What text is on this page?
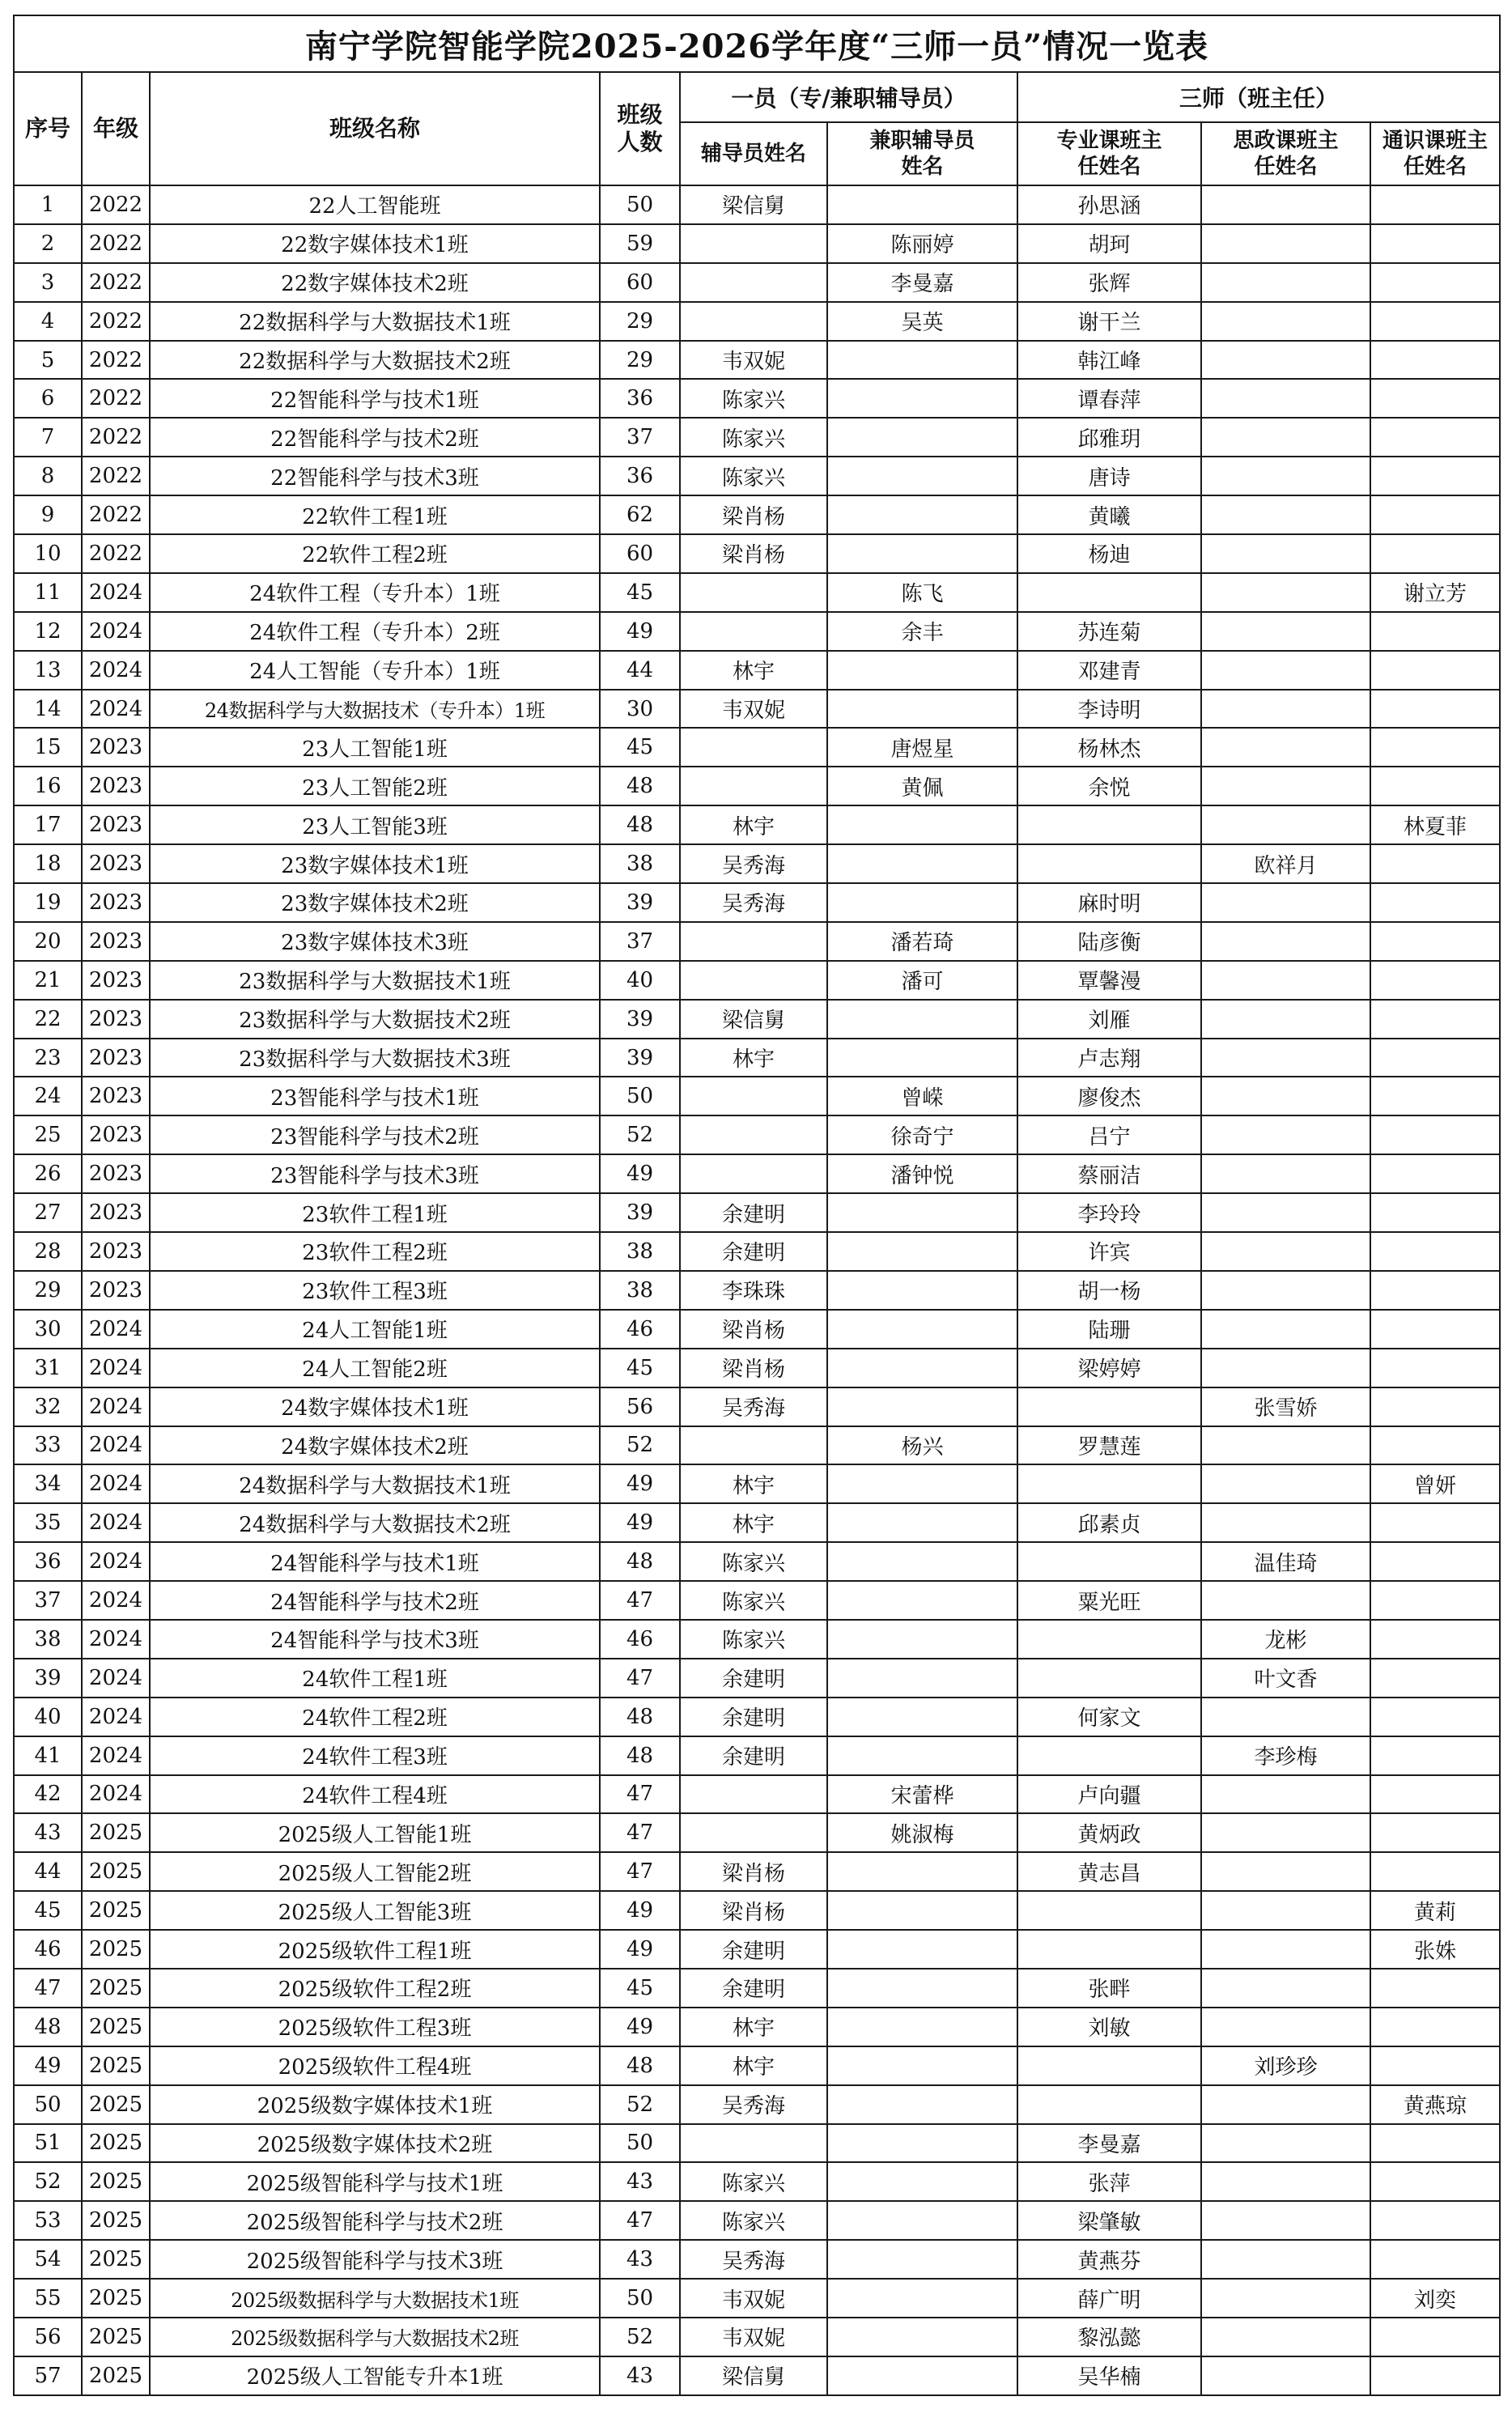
南宁学院智能学院2025-2026学年度“三师一员”情况一览表								
序号	年级	班级名称	班级人数	一员（专/兼职辅导员）		三师（班主任）		
				辅导员姓名	兼职辅导员姓名	专业课班主任姓名	思政课班主任姓名	通识课班主任姓名
1	2022	22人工智能班	50	梁信舅		孙思涵		
2	2022	22数字媒体技术1班	59		陈丽婷	胡珂		
3	2022	22数字媒体技术2班	60		李曼嘉	张辉		
4	2022	22数据科学与大数据技术1班	29		吴英	谢干兰		
5	2022	22数据科学与大数据技术2班	29	韦双妮		韩江峰		
6	2022	22智能科学与技术1班	36	陈家兴		谭春萍		
7	2022	22智能科学与技术2班	37	陈家兴		邱雅玥		
8	2022	22智能科学与技术3班	36	陈家兴		唐诗		
9	2022	22软件工程1班	62	梁肖杨		黄曦		
10	2022	22软件工程2班	60	梁肖杨		杨迪		
11	2024	24软件工程（专升本）1班	45		陈飞			谢立芳
12	2024	24软件工程（专升本）2班	49		余丰	苏连菊		
13	2024	24人工智能（专升本）1班	44	林宇		邓建青		
14	2024	24数据科学与大数据技术（专升本）1班	30	韦双妮		李诗明		
15	2023	23人工智能1班	45		唐煜星	杨林杰		
16	2023	23人工智能2班	48		黄佩	余悦		
17	2023	23人工智能3班	48	林宇				林夏菲
18	2023	23数字媒体技术1班	38	吴秀海			欧祥月	
19	2023	23数字媒体技术2班	39	吴秀海		麻时明		
20	2023	23数字媒体技术3班	37		潘若琦	陆彦衡		
21	2023	23数据科学与大数据技术1班	40		潘可	覃馨漫		
22	2023	23数据科学与大数据技术2班	39	梁信舅		刘雁		
23	2023	23数据科学与大数据技术3班	39	林宇		卢志翔		
24	2023	23智能科学与技术1班	50		曾嵘	廖俊杰		
25	2023	23智能科学与技术2班	52		徐奇宁	吕宁		
26	2023	23智能科学与技术3班	49		潘钟悦	蔡丽洁		
27	2023	23软件工程1班	39	余建明		李玲玲		
28	2023	23软件工程2班	38	余建明		许宾		
29	2023	23软件工程3班	38	李珠珠		胡一杨		
30	2024	24人工智能1班	46	梁肖杨		陆珊		
31	2024	24人工智能2班	45	梁肖杨		梁婷婷		
32	2024	24数字媒体技术1班	56	吴秀海			张雪娇	
33	2024	24数字媒体技术2班	52		杨兴	罗慧莲		
34	2024	24数据科学与大数据技术1班	49	林宇				曾妍
35	2024	24数据科学与大数据技术2班	49	林宇		邱素贞		
36	2024	24智能科学与技术1班	48	陈家兴			温佳琦	
37	2024	24智能科学与技术2班	47	陈家兴		粟光旺		
38	2024	24智能科学与技术3班	46	陈家兴			龙彬	
39	2024	24软件工程1班	47	余建明			叶文香	
40	2024	24软件工程2班	48	余建明		何家文		
41	2024	24软件工程3班	48	余建明			李珍梅	
42	2024	24软件工程4班	47		宋蕾桦	卢向疆		
43	2025	2025级人工智能1班	47		姚淑梅	黄炳政		
44	2025	2025级人工智能2班	47	梁肖杨		黄志昌		
45	2025	2025级人工智能3班	49	梁肖杨				黄莉
46	2025	2025级软件工程1班	49	余建明				张姝
47	2025	2025级软件工程2班	45	余建明		张畔		
48	2025	2025级软件工程3班	49	林宇		刘敏		
49	2025	2025级软件工程4班	48	林宇			刘珍珍	
50	2025	2025级数字媒体技术1班	52	吴秀海				黄燕琼
51	2025	2025级数字媒体技术2班	50			李曼嘉		
52	2025	2025级智能科学与技术1班	43	陈家兴		张萍		
53	2025	2025级智能科学与技术2班	47	陈家兴		梁肇敏		
54	2025	2025级智能科学与技术3班	43	吴秀海		黄燕芬		
55	2025	2025级数据科学与大数据技术1班	50	韦双妮		薛广明		刘奕
56	2025	2025级数据科学与大数据技术2班	52	韦双妮		黎泓懿		
57	2025	2025级人工智能专升本1班	43	梁信舅		吴华楠		
